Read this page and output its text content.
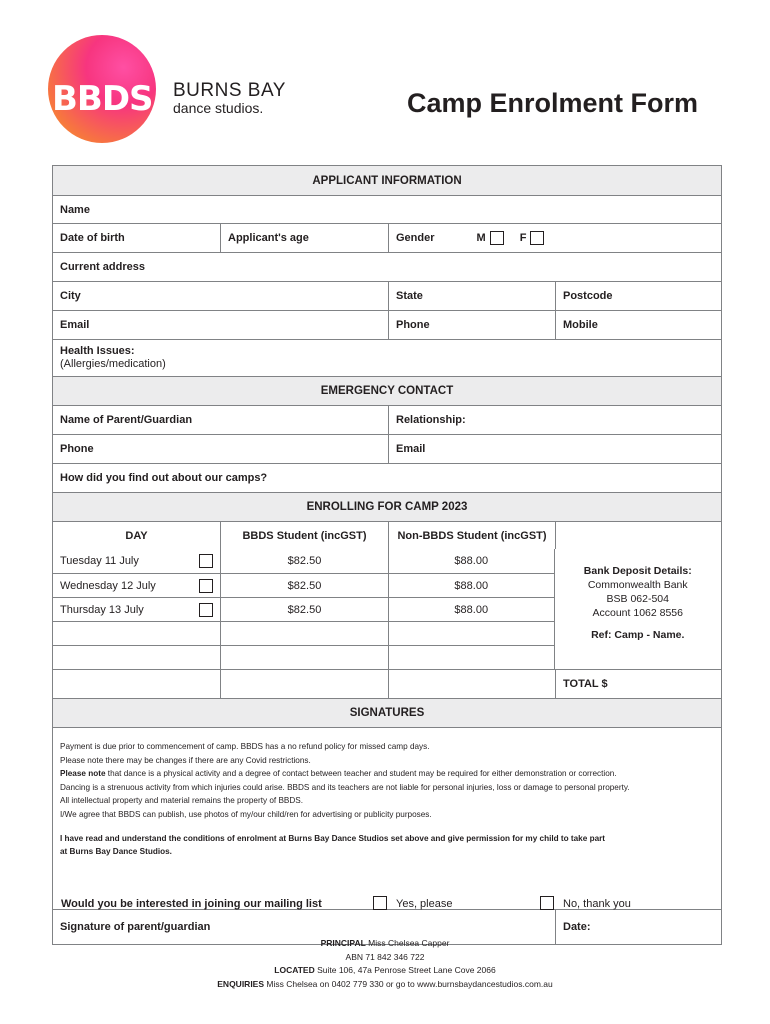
BBDS. BURNS BAY
dance studios.	Camp Enrolment Form
APPLICANT INFORMATION
Name
Date of birth	Applicant's age	Gender	M	F
Current address
City	State	Postcode
Email	Phone	Mobile
Health Issues:
(Allergies/medication)
EMERGENCY CONTACT
Name of Parent/Guardian	Relationship:
Phone	Email
How did you find out about our camps?
ENROLLING FOR CAMP 2023
DAY	BBDS Student (incGST)	Non-BBDS Student (incGST)
Tuesday 11 July	$82.50	$88.00
Wednesday 12 July	$82.50	$88.00
Thursday 13 July	$82.50	$88.00
Bank Deposit Details:
Commonwealth Bank
BSB 062-504
Account 1062 8556
Ref: Camp - Name.
TOTAL $
SIGNATURES

Payment is due prior to commencement of camp. BBDS has a no refund policy for missed camp days.

Please note there may be changes if there are any Covid restrictions.

Please note that dance is a physical activity and a degree of contact between teacher and student may be required for either demonstration or correction.

Dancing is a strenuous activity from which injuries could arise. BBDS and its teachers are not liable for personal injuries, loss or damage to personal property.

All intellectual property and material remains the property of BBDS.

I/We agree that BBDS can publish, use photos of my/our child/ren for advertising or publicity purposes.

I have read and understand the conditions of enrolment at Burns Bay Dance Studios set above and give permission for my child to take part

at Burns Bay Dance Studios.

Signature of parent/guardian	Date:
Would you be interested in joining our mailing list	Yes, please	No, thank you
PRINCIPAL Miss Chelsea Capper
ABN 71 842 346 722
LOCATED Suite 106, 47a Penrose Street Lane Cove 2066
ENQUIRIES Miss Chelsea on 0402 779 330 or go to www.burnsbaydancestudios.com.au
